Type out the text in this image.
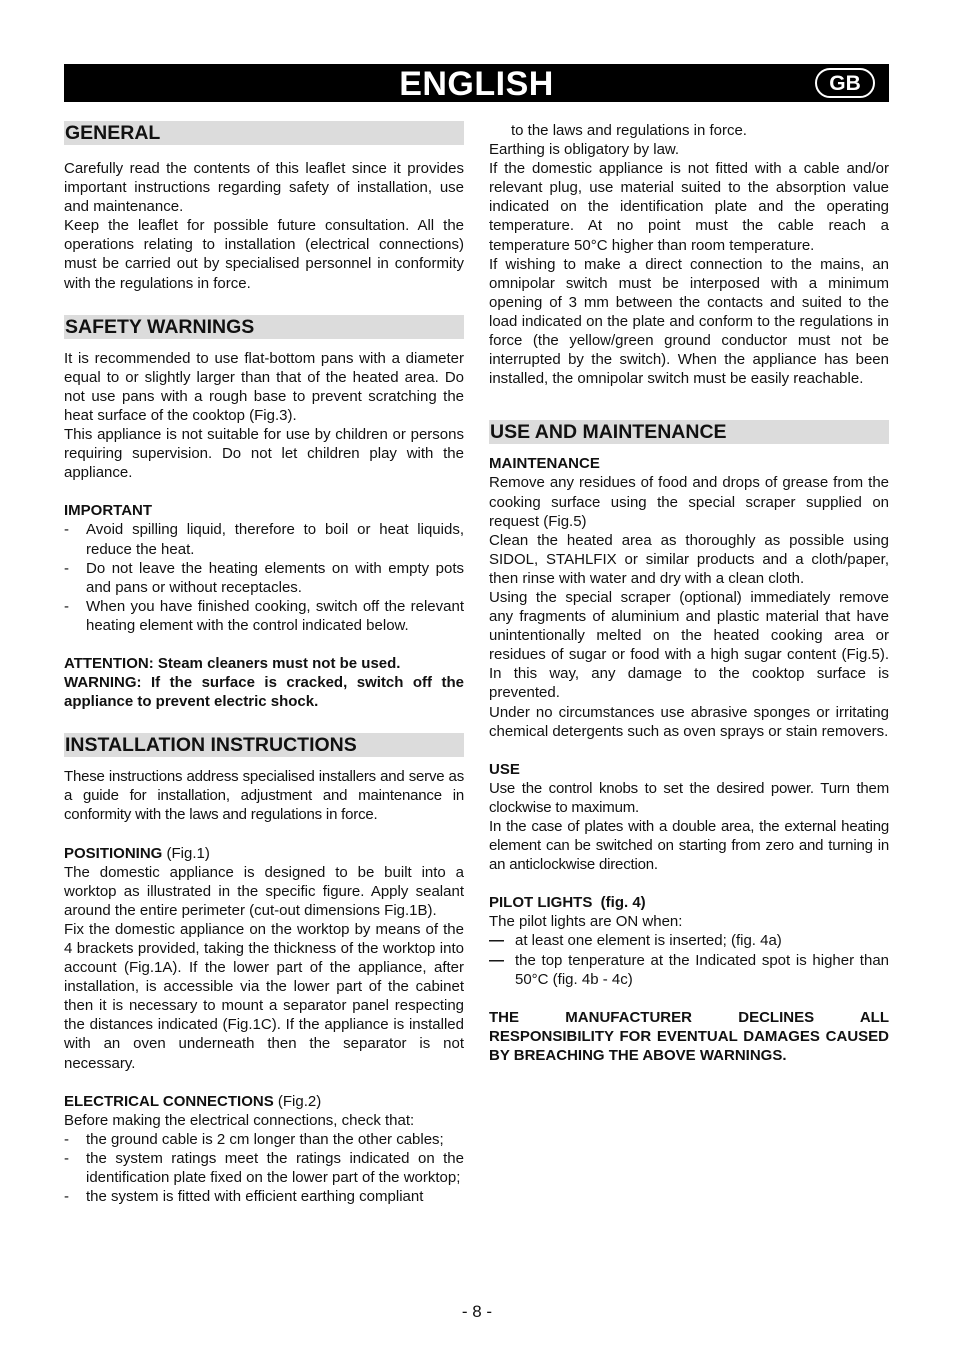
ENGLISH	GB
GENERAL

Carefully read the contents of this leaflet since it provides important instructions regarding safety of installation, use and maintenance.

Keep the leaflet for possible future consultation. All the operations relating to installation (electrical connections) must be carried out by specialised personnel in conformity with the regulations in force.

SAFETY WARNINGS

It is recommended to use flat-bottom pans with a diameter equal to or slightly larger than that of the heated area. Do not use pans with a rough base to prevent scratching the heat surface of the cooktop (Fig.3).

This appliance is not suitable for use by children or persons requiring supervision. Do not let children play with the appliance.

IMPORTANT

-	Avoid spilling liquid, therefore to boil or heat liquids, reduce the heat.
-	Do not leave the heating elements on with empty pots and pans or without receptacles.
-	When you have finished cooking, switch off the relevant heating element with the control indicated below.

ATTENTION: Steam cleaners must not be used.

WARNING: If the surface is cracked, switch off the appliance to prevent electric shock.

INSTALLATION INSTRUCTIONS

These instructions address specialised installers and serve as a guide for installation, adjustment and maintenance in conformity with the laws and regulations in force.

POSITIONING (Fig.1)

The domestic appliance is designed to be built into a worktop as illustrated in the specific figure. Apply sealant around the entire perimeter (cut-out dimensions Fig.1B).

Fix the domestic appliance on the worktop by means of the 4 brackets provided, taking the thickness of the worktop into account (Fig.1A). If the lower part of the appliance, after installation, is accessible via the lower part of the cabinet then it is necessary to mount a separator panel respecting the distances indicated (Fig.1C). If the appliance is installed with an oven underneath then the separator is not necessary.

ELECTRICAL CONNECTIONS (Fig.2)

Before making the electrical connections, check that:

-	the ground cable is 2 cm longer than the other cables;
-	the system ratings meet the ratings indicated on the identification plate fixed on the lower part of the worktop;
-	the system is fitted with efficient earthing compliant

to the laws and regulations in force.

Earthing is obligatory by law.

If the domestic appliance is not fitted with a cable and/or relevant plug, use material suited to the absorption value indicated on the identification plate and the operating temperature. At no point must the cable reach a temperature 50°C higher than room temperature.

If wishing to make a direct connection to the mains, an omnipolar switch must be interposed with a minimum opening of 3 mm between the contacts and suited to the load indicated on the plate and conform to the regulations in force (the yellow/green ground conductor must not be interrupted by the switch). When the appliance has been installed, the omnipolar switch must be easily reachable.

USE AND MAINTENANCE

MAINTENANCE

Remove any residues of food and drops of grease from the cooking surface using the special scraper supplied on request (Fig.5)

Clean the heated area as thoroughly as possible using SIDOL, STAHLFIX or similar products and a cloth/paper, then rinse with water and dry with a clean cloth.

Using the special scraper (optional) immediately remove any fragments of aluminium and plastic material that have unintentionally melted on the heated cooking area or residues of sugar or food with a high sugar content (Fig.5). In this way, any damage to the cooktop surface is prevented.

Under no circumstances use abrasive sponges or irritating chemical detergents such as oven sprays or stain removers.

USE

Use the control knobs to set the desired power. Turn them clockwise to maximum.

In the case of plates with a double area, the external heating element can be switched on starting from zero and turning in an anticlockwise direction.

PILOT LIGHTS  (fig. 4)

The pilot lights are ON when:

— at least one element is inserted; (fig. 4a)
— the top tenperature at the Indicated spot is higher than 50°C (fig. 4b - 4c)

THE MANUFACTURER DECLINES ALL RESPONSIBILITY FOR EVENTUAL DAMAGES CAUSED BY BREACHING THE ABOVE WARNINGS.

- 8 -
